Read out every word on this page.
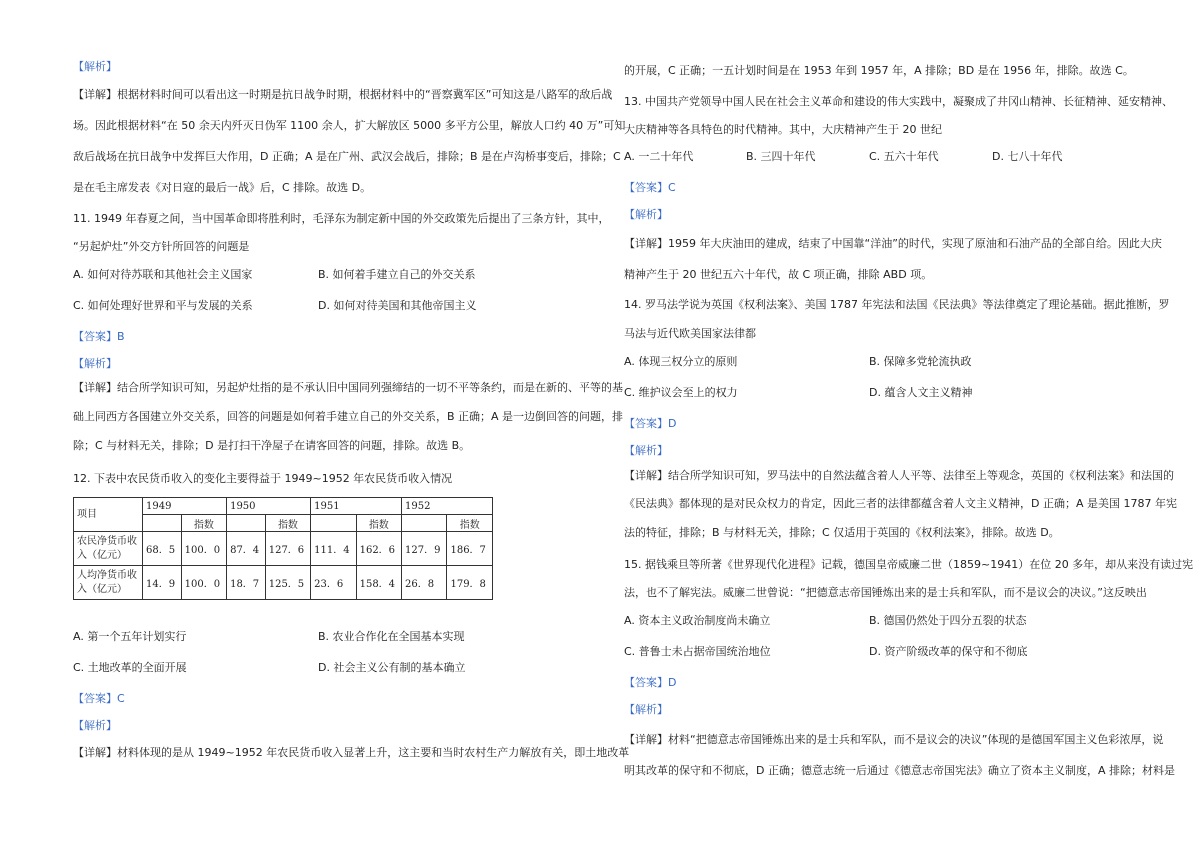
【解析】
【详解】根据材料时间可以看出这一时期是抗日战争时期，根据材料中的“晋察冀军区”可知这是八路军的敌后战
场。因此根据材料“在 50 余天内歼灭日伪军 1100 余人，扩大解放区 5000 多平方公里，解放人口约 40 万”可知
敌后战场在抗日战争中发挥巨大作用，D 正确；A 是在广州、武汉会战后，排除；B 是在卢沟桥事变后，排除；C
是在毛主席发表《对日寇的最后一战》后，C 排除。故选 D。
11. 1949 年春夏之间，当中国革命即将胜利时，毛泽东为制定新中国的外交政策先后提出了三条方针，其中，
“另起炉灶”外交方针所回答的问题是
A. 如何对待苏联和其他社会主义国家	B. 如何着手建立自己的外交关系
C. 如何处理好世界和平与发展的关系	D. 如何对待美国和其他帝国主义
【答案】B
【解析】
【详解】结合所学知识可知，另起炉灶指的是不承认旧中国同列强缔结的一切不平等条约，而是在新的、平等的基
础上同西方各国建立外交关系，回答的问题是如何着手建立自己的外交关系，B 正确；A 是一边倒回答的问题，排
除；C 与材料无关，排除；D 是打扫干净屋子在请客回答的问题，排除。故选 B。
12. 下表中农民货币收入的变化主要得益于 1949~1952 年农民货币收入情况
项目	1949		1950		1951		1952	
		指数		指数		指数		指数
农民净货币收入（亿元）	68．5	100．0	87．4	127．6	111．4	162．6	127．9	186．7
人均净货币收入（亿元）	14．9	100．0	18．7	125．5	23．6	158．4	26．8	179．8
A. 第一个五年计划实行	B. 农业合作化在全国基本实现
C. 土地改革的全面开展	D. 社会主义公有制的基本确立
【答案】C
【解析】
【详解】材料体现的是从 1949~1952 年农民货币收入显著上升，这主要和当时农村生产力解放有关，即土地改革
的开展，C 正确；一五计划时间是在 1953 年到 1957 年，A 排除；BD 是在 1956 年，排除。故选 C。
13. 中国共产党领导中国人民在社会主义革命和建设的伟大实践中，凝聚成了井冈山精神、长征精神、延安精神、
大庆精神等各具特色的时代精神。其中，大庆精神产生于 20 世纪
A. 一二十年代	B. 三四十年代	C. 五六十年代	D. 七八十年代
【答案】C
【解析】
【详解】1959 年大庆油田的建成，结束了中国靠“洋油”的时代，实现了原油和石油产品的全部自给。因此大庆
精神产生于 20 世纪五六十年代，故 C 项正确，排除 ABD 项。
14. 罗马法学说为英国《权利法案》、美国 1787 年宪法和法国《民法典》等法律奠定了理论基础。据此推断，罗
马法与近代欧美国家法律都
A. 体现三权分立的原则	B. 保障多党轮流执政
C. 维护议会至上的权力	D. 蕴含人文主义精神
【答案】D
【解析】
【详解】结合所学知识可知，罗马法中的自然法蕴含着人人平等、法律至上等观念，英国的《权利法案》和法国的
《民法典》都体现的是对民众权力的肯定，因此三者的法律都蕴含着人文主义精神，D 正确；A 是美国 1787 年宪
法的特征，排除；B 与材料无关，排除；C 仅适用于英国的《权利法案》，排除。故选 D。
15. 据钱乘旦等所著《世界现代化进程》记载，德国皇帝威廉二世（1859~1941）在位 20 多年，却从来没有读过宪
法，也不了解宪法。威廉二世曾说：“把德意志帝国锤炼出来的是士兵和军队，而不是议会的决议。”这反映出
A. 资本主义政治制度尚未确立	B. 德国仍然处于四分五裂的状态
C. 普鲁士未占据帝国统治地位	D. 资产阶级改革的保守和不彻底
【答案】D
【解析】
【详解】材料“把德意志帝国锤炼出来的是士兵和军队，而不是议会的决议”体现的是德国军国主义色彩浓厚，说
明其改革的保守和不彻底，D 正确；德意志统一后通过《德意志帝国宪法》确立了资本主义制度，A 排除；材料是
